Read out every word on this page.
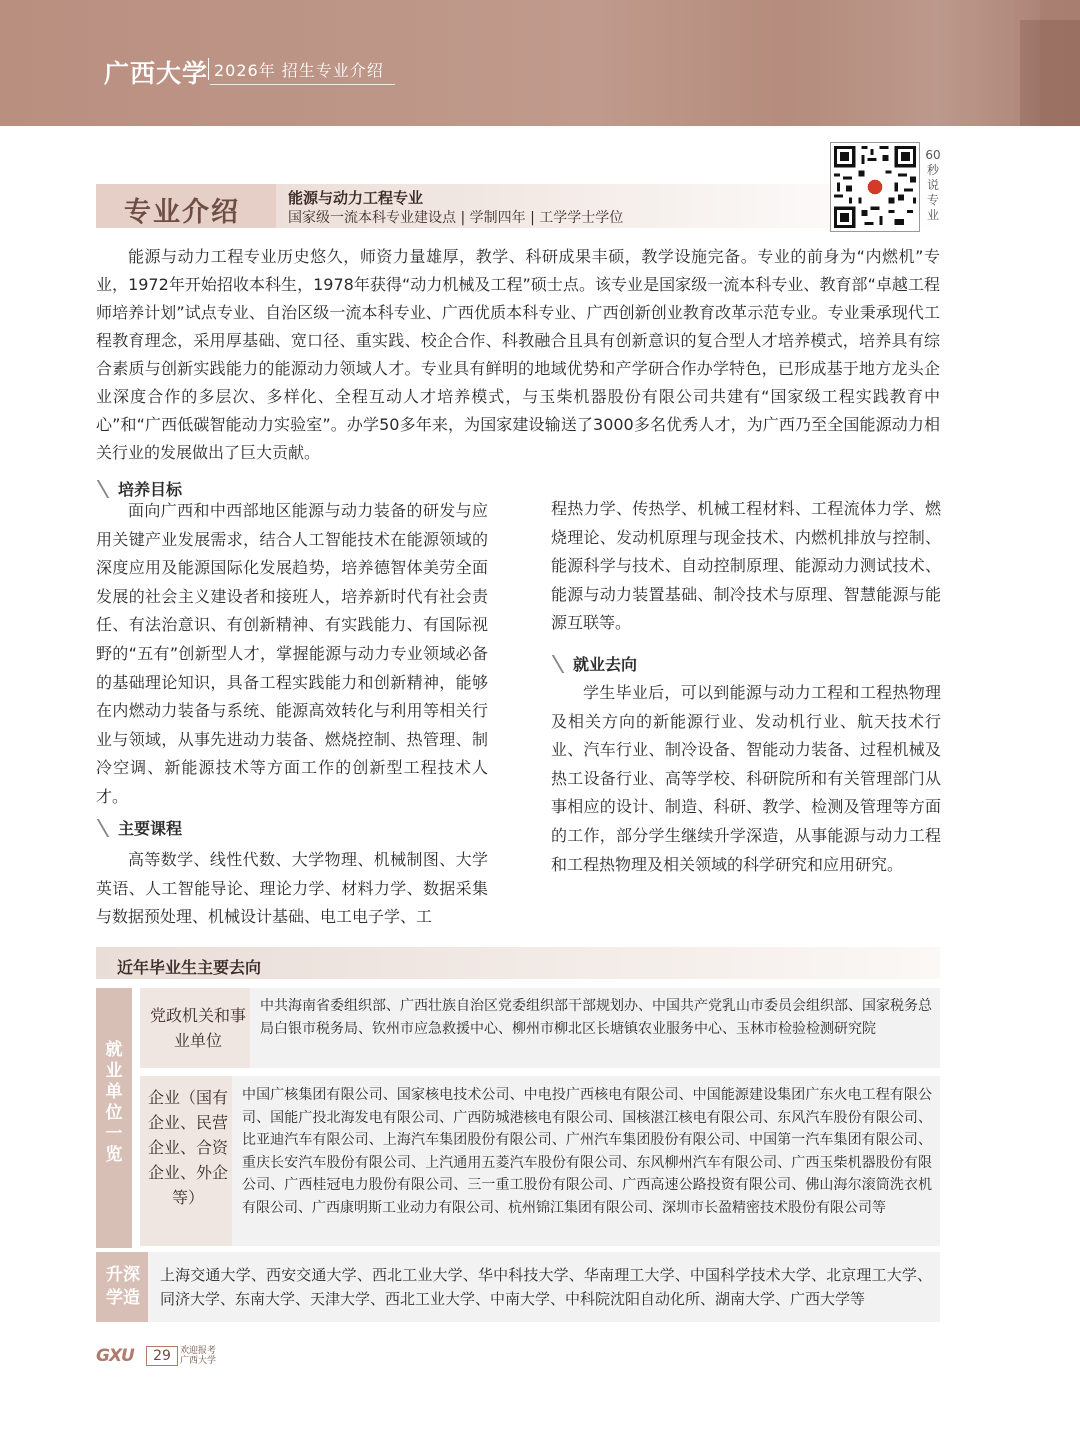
广西大学 2026年 招生专业介绍
专业介绍	能源与动力工程专业
国家级一流本科专业建设点 | 学制四年 | 工学学士学位
60秒说专业

能源与动力工程专业历史悠久，师资力量雄厚，教学、科研成果丰硕，教学设施完备。专业的前身为“内燃机”专业，1972年开始招收本科生，1978年获得“动力机械及工程”硕士点。该专业是国家级一流本科专业、教育部“卓越工程师培养计划”试点专业、自治区级一流本科专业、广西优质本科专业、广西创新创业教育改革示范专业。专业秉承现代工程教育理念，采用厚基础、宽口径、重实践、校企合作、科教融合且具有创新意识的复合型人才培养模式，培养具有综合素质与创新实践能力的能源动力领域人才。专业具有鲜明的地域优势和产学研合作办学特色，已形成基于地方龙头企业深度合作的多层次、多样化、全程互动人才培养模式，与玉柴机器股份有限公司共建有“国家级工程实践教育中心”和“广西低碳智能动力实验室”。办学50多年来，为国家建设输送了3000多名优秀人才，为广西乃至全国能源动力相关行业的发展做出了巨大贡献。

培养目标

面向广西和中西部地区能源与动力装备的研发与应用关键产业发展需求，结合人工智能技术在能源领域的深度应用及能源国际化发展趋势，培养德智体美劳全面发展的社会主义建设者和接班人，培养新时代有社会责任、有法治意识、有创新精神、有实践能力、有国际视野的“五有”创新型人才，掌握能源与动力专业领域必备的基础理论知识，具备工程实践能力和创新精神，能够在内燃动力装备与系统、能源高效转化与利用等相关行业与领域，从事先进动力装备、燃烧控制、热管理、制冷空调、新能源技术等方面工作的创新型工程技术人才。

主要课程

高等数学、线性代数、大学物理、机械制图、大学英语、人工智能导论、理论力学、材料力学、数据采集与数据预处理、机械设计基础、电工电子学、工

程热力学、传热学、机械工程材料、工程流体力学、燃烧理论、发动机原理与现金技术、内燃机排放与控制、能源科学与技术、自动控制原理、能源动力测试技术、能源与动力装置基础、制冷技术与原理、智慧能源与能源互联等。

就业去向

学生毕业后，可以到能源与动力工程和工程热物理及相关方向的新能源行业、发动机行业、航天技术行业、汽车行业、制冷设备、智能动力装备、过程机械及热工设备行业、高等学校、科研院所和有关管理部门从事相应的设计、制造、科研、教学、检测及管理等方面的工作，部分学生继续升学深造，从事能源与动力工程和工程热物理及相关领域的科学研究和应用研究。

近年毕业生主要去向
就业单位一览
党政机关和事业单位

中共海南省委组织部、广西壮族自治区党委组织部干部规划办、中国共产党乳山市委员会组织部、国家税务总局白银市税务局、钦州市应急救援中心、柳州市柳北区长塘镇农业服务中心、玉林市检验检测研究院

企业（国有企业、民营企业、合资企业、外企等）

中国广核集团有限公司、国家核电技术公司、中电投广西核电有限公司、中国能源建设集团广东火电工程有限公司、国能广投北海发电有限公司、广西防城港核电有限公司、国核湛江核电有限公司、东风汽车股份有限公司、比亚迪汽车有限公司、上海汽车集团股份有限公司、广州汽车集团股份有限公司、中国第一汽车集团有限公司、重庆长安汽车股份有限公司、上汽通用五菱汽车股份有限公司、东风柳州汽车有限公司、广西玉柴机器股份有限公司、广西桂冠电力股份有限公司、三一重工股份有限公司、广西高速公路投资有限公司、佛山海尔滚筒洗衣机有限公司、广西康明斯工业动力有限公司、杭州锦江集团有限公司、深圳市长盈精密技术股份有限公司等

升深学造

上海交通大学、西安交通大学、西北工业大学、华中科技大学、华南理工大学、中国科学技术大学、北京理工大学、同济大学、东南大学、天津大学、西北工业大学、中南大学、中科院沈阳自动化所、湖南大学、广西大学等

GXU	29	欢迎报考
广西大学
